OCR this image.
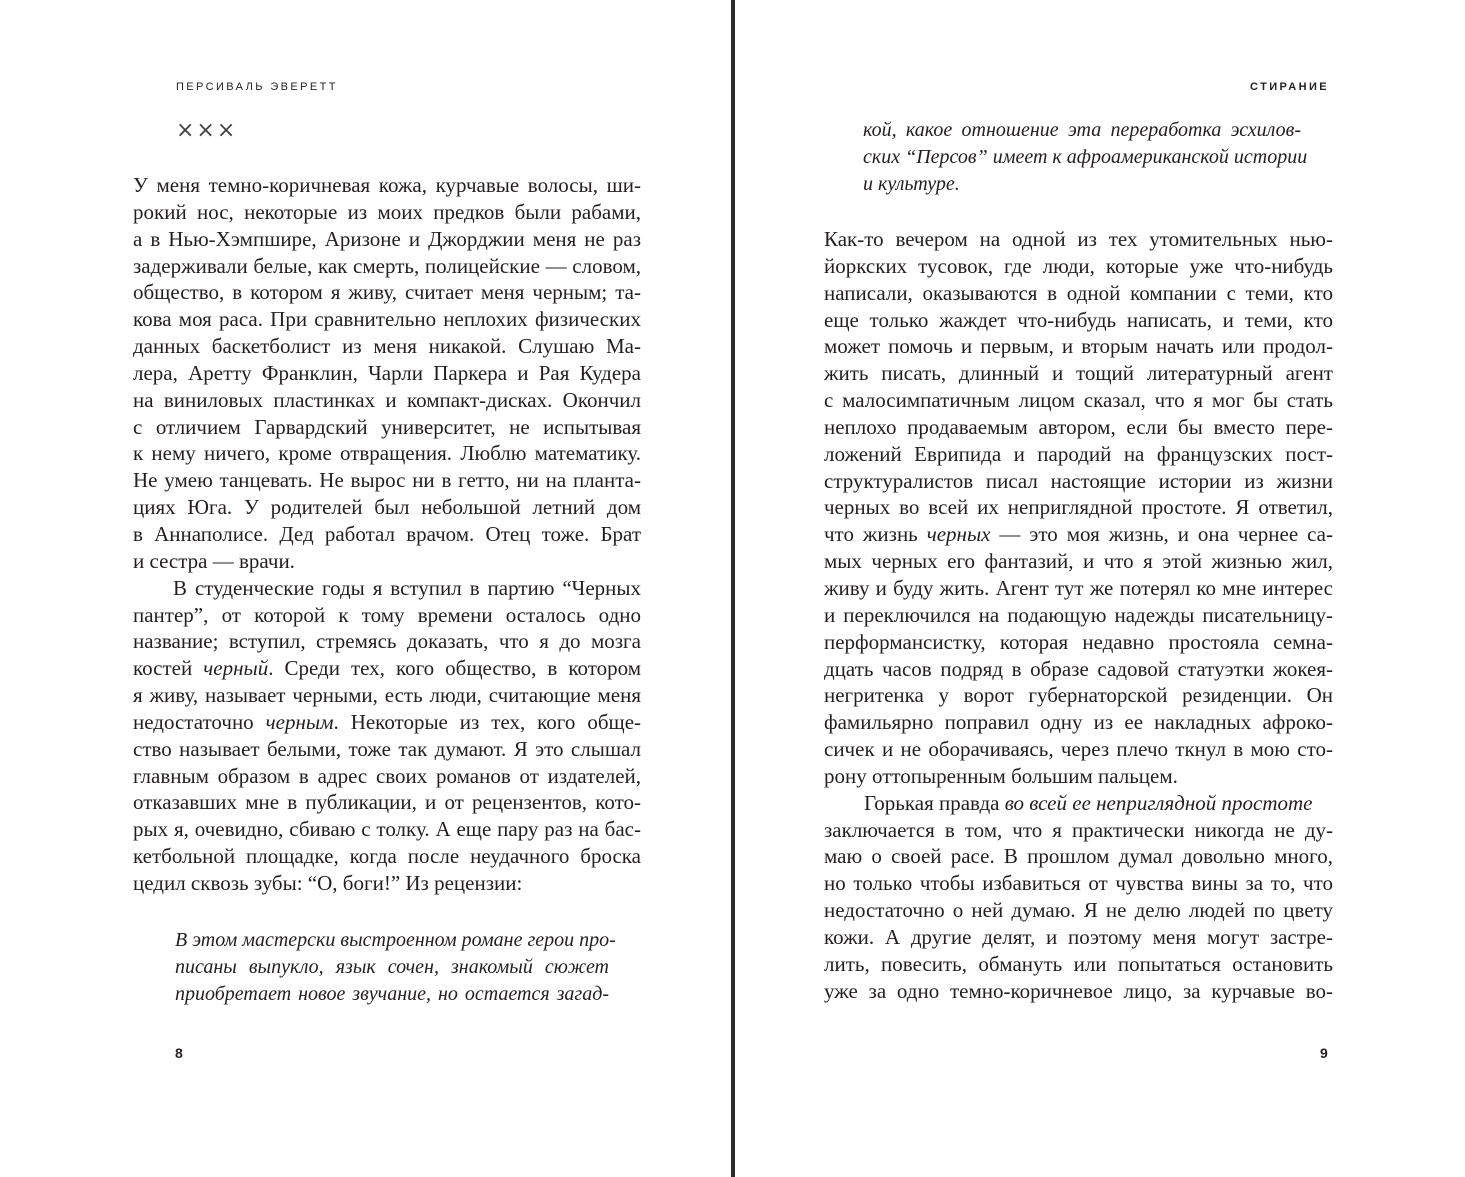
ПЕРСИВАЛЬ ЭВЕРЕТТ
×××
У меня темно-коричневая кожа, курчавые волосы, ши-
рокий нос, некоторые из моих предков были рабами,
а в Нью-Хэмпшире, Аризоне и Джорджии меня не раз
задерживали белые, как смерть, полицейские — словом,
общество, в котором я живу, считает меня черным; та-
кова моя раса. При сравнительно неплохих физических
данных баскетболист из меня никакой. Слушаю Ма-
лера, Аретту Франклин, Чарли Паркера и Рая Кудера
на виниловых пластинках и компакт-дисках. Окончил
с отличием Гарвардский университет, не испытывая
к нему ничего, кроме отвращения. Люблю математику.
Не умею танцевать. Не вырос ни в гетто, ни на планта-
циях Юга. У родителей был небольшой летний дом
в Аннаполисе. Дед работал врачом. Отец тоже. Брат
и сестра — врачи.
В студенческие годы я вступил в партию “Черных
пантер”, от которой к тому времени осталось одно
название; вступил, стремясь доказать, что я до мозга
костей черный. Среди тех, кого общество, в котором
я живу, называет черными, есть люди, считающие меня
недостаточно черным. Некоторые из тех, кого обще-
ство называет белыми, тоже так думают. Я это слышал
главным образом в адрес своих романов от издателей,
отказавших мне в публикации, и от рецензентов, кото-
рых я, очевидно, сбиваю с толку. А еще пару раз на бас-
кетбольной площадке, когда после неудачного броска
цедил сквозь зубы: “О, боги!” Из рецензии:
В этом мастерски выстроенном романе герои про-
писаны выпукло, язык сочен, знакомый сюжет
приобретает новое звучание, но остается загад-
8
СТИРАНИЕ
кой, какое отношение эта переработка эсхилов-
ских “Персов” имеет к афроамериканской истории
и культуре.
Как-то вечером на одной из тех утомительных нью-
йоркских тусовок, где люди, которые уже что-нибудь
написали, оказываются в одной компании с теми, кто
еще только жаждет что-нибудь написать, и теми, кто
может помочь и первым, и вторым начать или продол-
жить писать, длинный и тощий литературный агент
с малосимпатичным лицом сказал, что я мог бы стать
неплохо продаваемым автором, если бы вместо пере-
ложений Еврипида и пародий на французских пост-
структуралистов писал настоящие истории из жизни
черных во всей их неприглядной простоте. Я ответил,
что жизнь черных — это моя жизнь, и она чернее са-
мых черных его фантазий, и что я этой жизнью жил,
живу и буду жить. Агент тут же потерял ко мне интерес
и переключился на подающую надежды писательницу-
перформансистку, которая недавно простояла семна-
дцать часов подряд в образе садовой статуэтки жокея-
негритенка у ворот губернаторской резиденции. Он
фамильярно поправил одну из ее накладных афроко-
сичек и не оборачиваясь, через плечо ткнул в мою сто-
рону оттопыренным большим пальцем.
Горькая правда во всей ее неприглядной простоте
заключается в том, что я практически никогда не ду-
маю о своей расе. В прошлом думал довольно много,
но только чтобы избавиться от чувства вины за то, что
недостаточно о ней думаю. Я не делю людей по цвету
кожи. А другие делят, и поэтому меня могут застре-
лить, повесить, обмануть или попытаться остановить
уже за одно темно-коричневое лицо, за курчавые во-
9
